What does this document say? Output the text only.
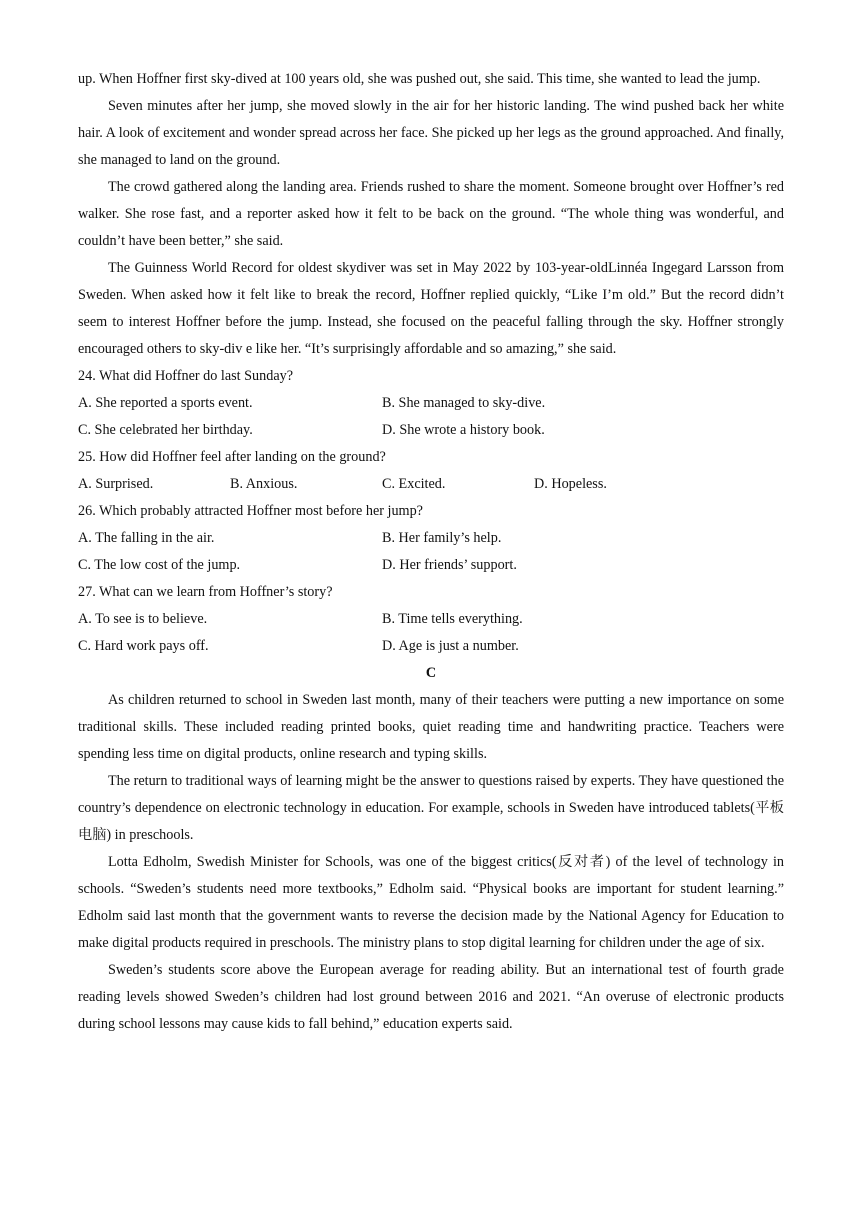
up. When Hoffner first sky-dived at 100 years old, she was pushed out, she said. This time, she wanted to lead the jump.

Seven minutes after her jump, she moved slowly in the air for her historic landing. The wind pushed back her white hair. A look of excitement and wonder spread across her face. She picked up her legs as the ground approached. And finally, she managed to land on the ground.

The crowd gathered along the landing area. Friends rushed to share the moment. Someone brought over Hoffner’s red walker. She rose fast, and a reporter asked how it felt to be back on the ground. “The whole thing was wonderful, and couldn’t have been better,” she said.

The Guinness World Record for oldest skydiver was set in May 2022 by 103-year-oldLinnéa Ingegard Larsson from Sweden. When asked how it felt like to break the record, Hoffner replied quickly, “Like I’m old.” But the record didn’t seem to interest Hoffner before the jump. Instead, she focused on the peaceful falling through the sky. Hoffner strongly encouraged others to sky-div e like her. “It’s surprisingly affordable and so amazing,” she said.

24. What did Hoffner do last Sunday?

A. She reported a sports event.	B. She managed to sky-dive.
C. She celebrated her birthday.	D. She wrote a history book.

25. How did Hoffner feel after landing on the ground?

A. Surprised.	B. Anxious.	C. Excited.	D. Hopeless.

26. Which probably attracted Hoffner most before her jump?

A. The falling in the air.	B. Her family’s help.
C. The low cost of the jump.	D. Her friends’ support.

27. What can we learn from Hoffner’s story?

A. To see is to believe.	B. Time tells everything.
C. Hard work pays off.	D. Age is just a number.

C

As children returned to school in Sweden last month, many of their teachers were putting a new importance on some traditional skills. These included reading printed books, quiet reading time and handwriting practice. Teachers were spending less time on digital products, online research and typing skills.

The return to traditional ways of learning might be the answer to questions raised by experts. They have questioned the country’s dependence on electronic technology in education. For example, schools in Sweden have introduced tablets(平板电脑) in preschools.

Lotta Edholm, Swedish Minister for Schools, was one of the biggest critics(反对者) of the level of technology in schools. “Sweden’s students need more textbooks,” Edholm said. “Physical books are important for student learning.” Edholm said last month that the government wants to reverse the decision made by the National Agency for Education to make digital products required in preschools. The ministry plans to stop digital learning for children under the age of six.

Sweden’s students score above the European average for reading ability. But an international test of fourth grade reading levels showed Sweden’s children had lost ground between 2016 and 2021. “An overuse of electronic products during school lessons may cause kids to fall behind,” education experts said.
